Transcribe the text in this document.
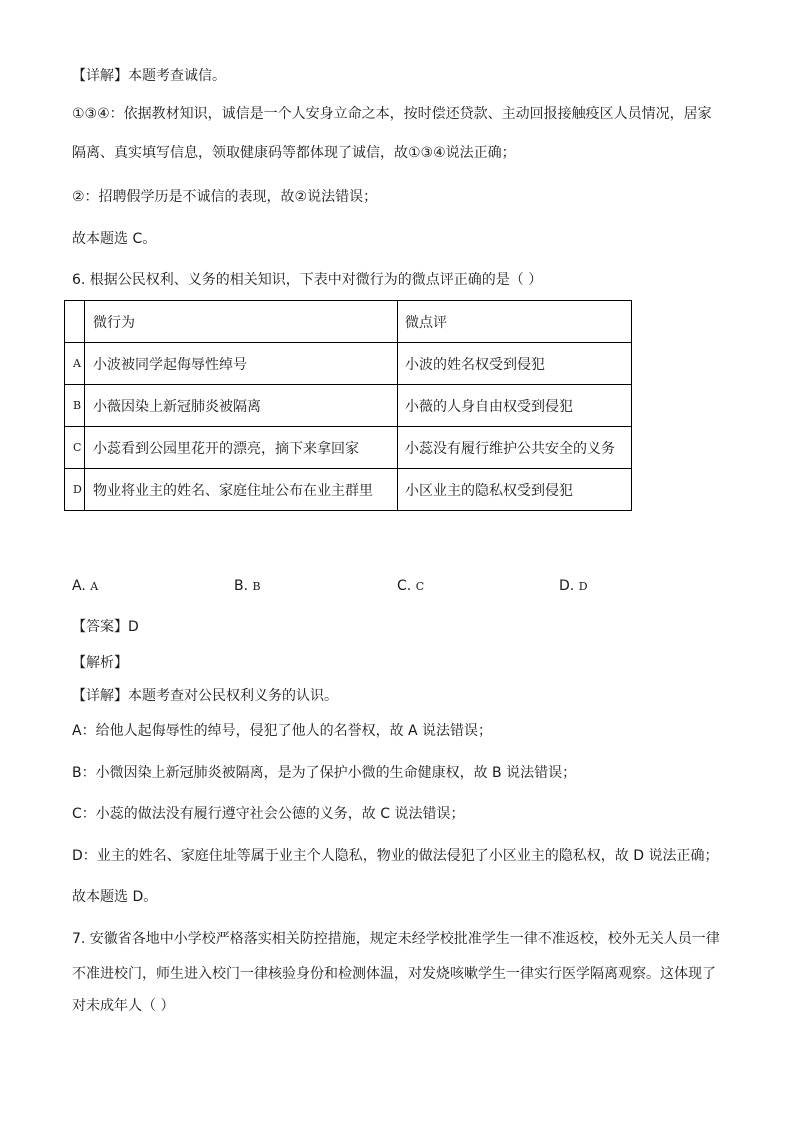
【详解】本题考查诚信。
①③④：依据教材知识，诚信是一个人安身立命之本，按时偿还贷款、主动回报接触疫区人员情况，居家
隔离、真实填写信息，领取健康码等都体现了诚信，故①③④说法正确；
②：招聘假学历是不诚信的表现，故②说法错误；
故本题选 C。
6. 根据公民权利、义务的相关知识，下表中对微行为的微点评正确的是（ ）
	微行为	微点评
A	小波被同学起侮辱性绰号	小波的姓名权受到侵犯
B	小薇因染上新冠肺炎被隔离	小薇的人身自由权受到侵犯
C	小蕊看到公园里花开的漂亮，摘下来拿回家	小蕊没有履行维护公共安全的义务
D	物业将业主的姓名、家庭住址公布在业主群里	小区业主的隐私权受到侵犯
A. A	B. B	C. C	D. D
【答案】D
【解析】
【详解】本题考查对公民权利义务的认识。
A：给他人起侮辱性的绰号，侵犯了他人的名誉权，故 A 说法错误；
B：小微因染上新冠肺炎被隔离，是为了保护小微的生命健康权，故 B 说法错误；
C：小蕊的做法没有履行遵守社会公德的义务，故 C 说法错误；
D：业主的姓名、家庭住址等属于业主个人隐私，物业的做法侵犯了小区业主的隐私权，故 D 说法正确；
故本题选 D。
7. 安徽省各地中小学校严格落实相关防控措施，规定未经学校批准学生一律不准返校，校外无关人员一律
不准进校门，师生进入校门一律核验身份和检测体温，对发烧咳嗽学生一律实行医学隔离观察。这体现了
对未成年人（ ）
